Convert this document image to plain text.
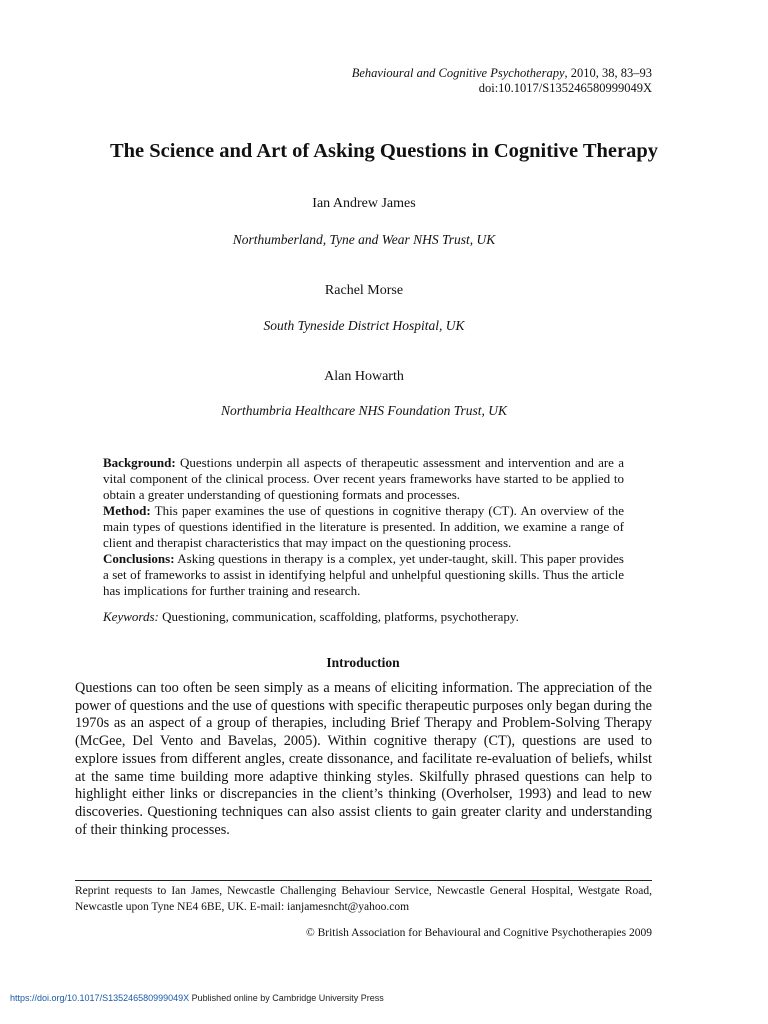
Behavioural and Cognitive Psychotherapy, 2010, 38, 83–93
doi:10.1017/S135246580999049X
The Science and Art of Asking Questions in Cognitive Therapy
Ian Andrew James
Northumberland, Tyne and Wear NHS Trust, UK
Rachel Morse
South Tyneside District Hospital, UK
Alan Howarth
Northumbria Healthcare NHS Foundation Trust, UK

Background: Questions underpin all aspects of therapeutic assessment and intervention and are a vital component of the clinical process. Over recent years frameworks have started to be applied to obtain a greater understanding of questioning formats and processes.

Method: This paper examines the use of questions in cognitive therapy (CT). An overview of the main types of questions identified in the literature is presented. In addition, we examine a range of client and therapist characteristics that may impact on the questioning process.

Conclusions: Asking questions in therapy is a complex, yet under-taught, skill. This paper provides a set of frameworks to assist in identifying helpful and unhelpful questioning skills. Thus the article has implications for further training and research.

Keywords: Questioning, communication, scaffolding, platforms, psychotherapy.
Introduction

Questions can too often be seen simply as a means of eliciting information. The appreciation of the power of questions and the use of questions with specific therapeutic purposes only began during the 1970s as an aspect of a group of therapies, including Brief Therapy and Problem-Solving Therapy (McGee, Del Vento and Bavelas, 2005). Within cognitive therapy (CT), questions are used to explore issues from different angles, create dissonance, and facilitate re-evaluation of beliefs, whilst at the same time building more adaptive thinking styles. Skilfully phrased questions can help to highlight either links or discrepancies in the client’s thinking (Overholser, 1993) and lead to new discoveries. Questioning techniques can also assist clients to gain greater clarity and understanding of their thinking processes.

Reprint requests to Ian James, Newcastle Challenging Behaviour Service, Newcastle General Hospital, Westgate Road, Newcastle upon Tyne NE4 6BE, UK. E-mail: ianjamesncht@yahoo.com
© British Association for Behavioural and Cognitive Psychotherapies 2009
https://doi.org/10.1017/S135246580999049X Published online by Cambridge University Press
